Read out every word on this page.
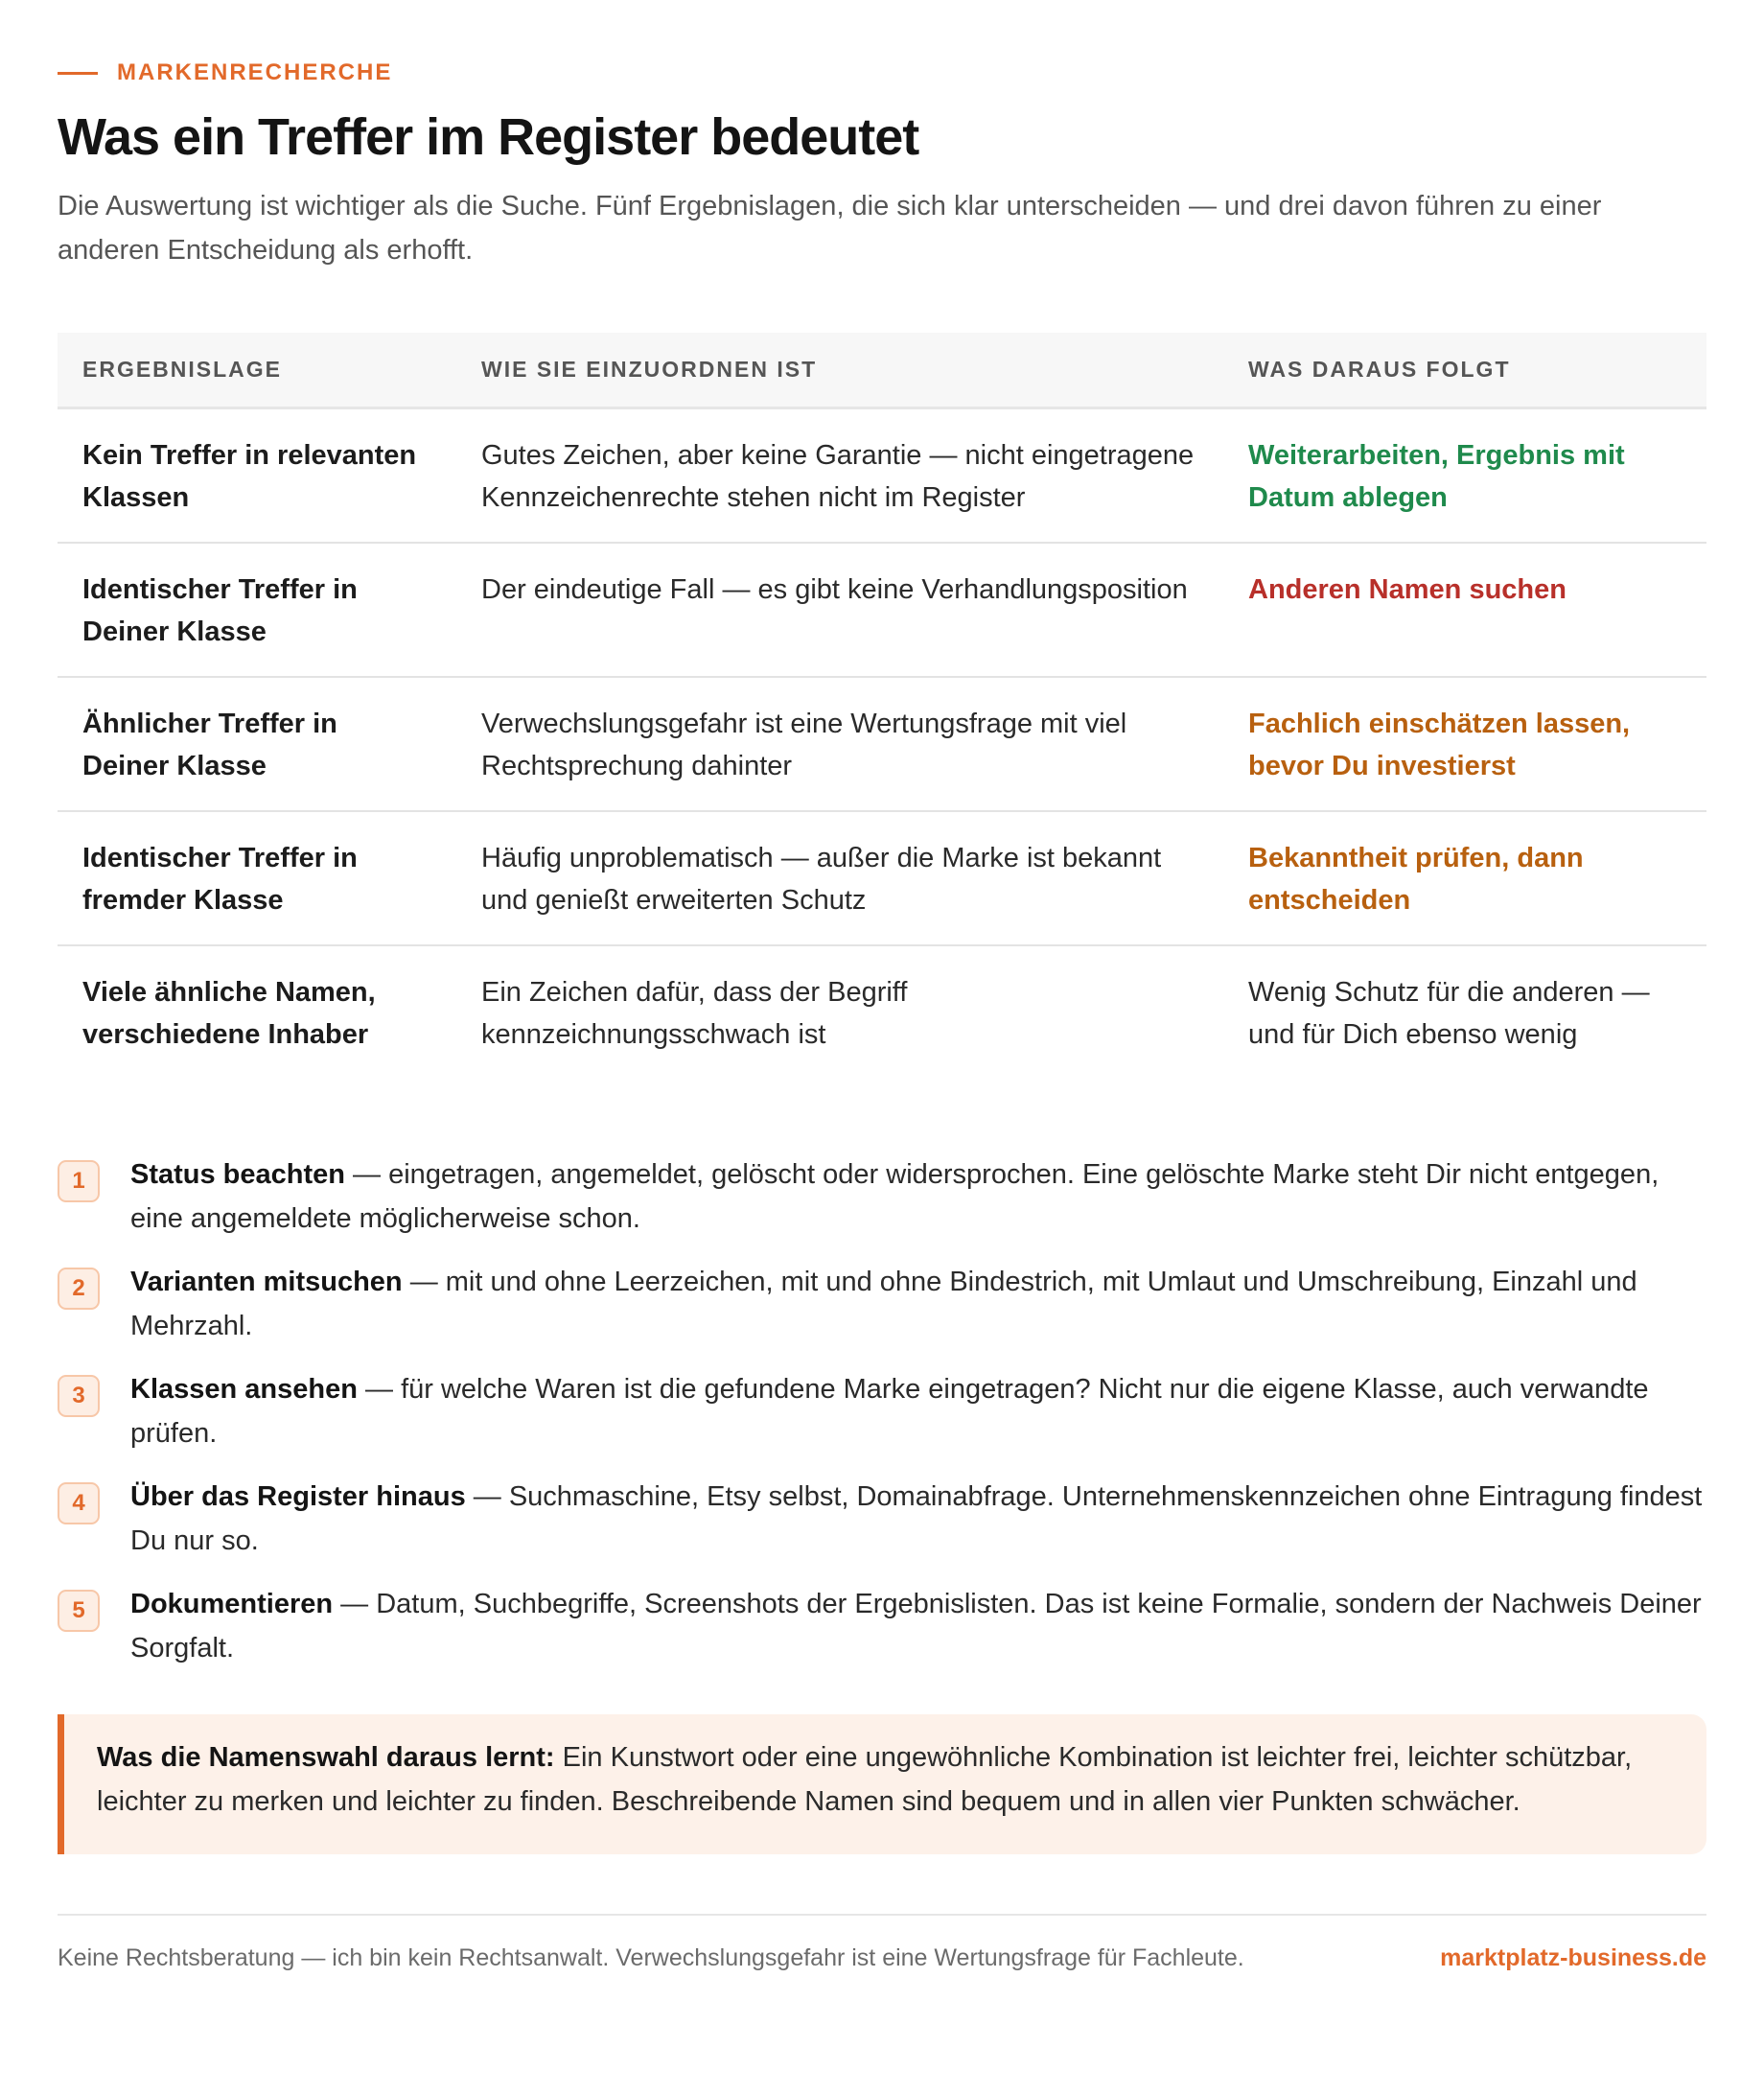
MARKENRECHERCHE
Was ein Treffer im Register bedeutet

Die Auswertung ist wichtiger als die Suche. Fünf Ergebnislagen, die sich klar unterscheiden — und drei davon führen zu einer anderen Entscheidung als erhofft.

ERGEBNISLAGE	WIE SIE EINZUORDNEN IST	WAS DARAUS FOLGT
Kein Treffer in relevanten Klassen	Gutes Zeichen, aber keine Garantie — nicht eingetragene Kennzeichenrechte stehen nicht im Register	Weiterarbeiten, Ergebnis mit Datum ablegen
Identischer Treffer in Deiner Klasse	Der eindeutige Fall — es gibt keine Verhandlungsposition	Anderen Namen suchen
Ähnlicher Treffer in Deiner Klasse	Verwechslungsgefahr ist eine Wertungsfrage mit viel Rechtsprechung dahinter	Fachlich einschätzen lassen, bevor Du investierst
Identischer Treffer in fremder Klasse	Häufig unproblematisch — außer die Marke ist bekannt und genießt erweiterten Schutz	Bekanntheit prüfen, dann entscheiden
Viele ähnliche Namen, verschiedene Inhaber	Ein Zeichen dafür, dass der Begriff kennzeichnungsschwach ist	Wenig Schutz für die anderen — und für Dich ebenso wenig
1	Status beachten — eingetragen, angemeldet, gelöscht oder widersprochen. Eine gelöschte Marke steht Dir nicht entgegen, eine angemeldete möglicherweise schon.

2	Varianten mitsuchen — mit und ohne Leerzeichen, mit und ohne Bindestrich, mit Umlaut und Umschreibung, Einzahl und Mehrzahl.

3	Klassen ansehen — für welche Waren ist die gefundene Marke eingetragen? Nicht nur die eigene Klasse, auch verwandte prüfen.

4	Über das Register hinaus — Suchmaschine, Etsy selbst, Domainabfrage. Unternehmenskennzeichen ohne Eintragung findest Du nur so.

5	Dokumentieren — Datum, Suchbegriffe, Screenshots der Ergebnislisten. Das ist keine Formalie, sondern der Nachweis Deiner Sorgfalt.

Was die Namenswahl daraus lernt: Ein Kunstwort oder eine ungewöhnliche Kombination ist leichter frei, leichter schützbar, leichter zu merken und leichter zu finden. Beschreibende Namen sind bequem und in allen vier Punkten schwächer.

Keine Rechtsberatung — ich bin kein Rechtsanwalt. Verwechslungsgefahr ist eine Wertungsfrage für Fachleute.	marktplatz-business.de
